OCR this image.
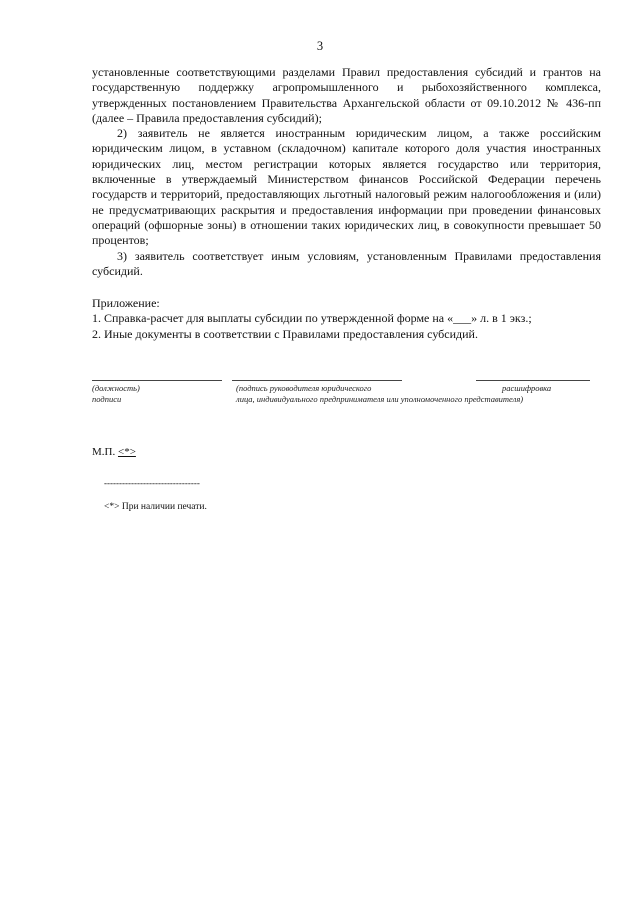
3

установленные соответствующими разделами Правил предоставления субсидий и грантов на государственную поддержку агропромышленного и рыбохозяйственного комплекса, утвержденных постановлением Правительства Архангельской области от 09.10.2012 № 436-пп (далее – Правила предоставления субсидий);

2) заявитель не является иностранным юридическим лицом, а также российским юридическим лицом, в уставном (складочном) капитале которого доля участия иностранных юридических лиц, местом регистрации которых является государство или территория, включенные в утверждаемый Министерством финансов Российской Федерации перечень государств и территорий, предоставляющих льготный налоговый режим налогообложения и (или) не предусматривающих раскрытия и предоставления информации при проведении финансовых операций (офшорные зоны) в отношении таких юридических лиц, в совокупности превышает 50 процентов;

3) заявитель соответствует иным условиям, установленным Правилами предоставления субсидий.

Приложение:
1. Справка-расчет для выплаты субсидии по утвержденной форме на «___» л. в 1 экз.;
2. Иные документы в соответствии с Правилами предоставления субсидий.
(должность)
подписи
(подпись руководителя юридического
лица, индивидуального предпринимателя или уполномоченного представителя)
расшифровка
М.П. <*>
--------------------------------
<*> При наличии печати.
